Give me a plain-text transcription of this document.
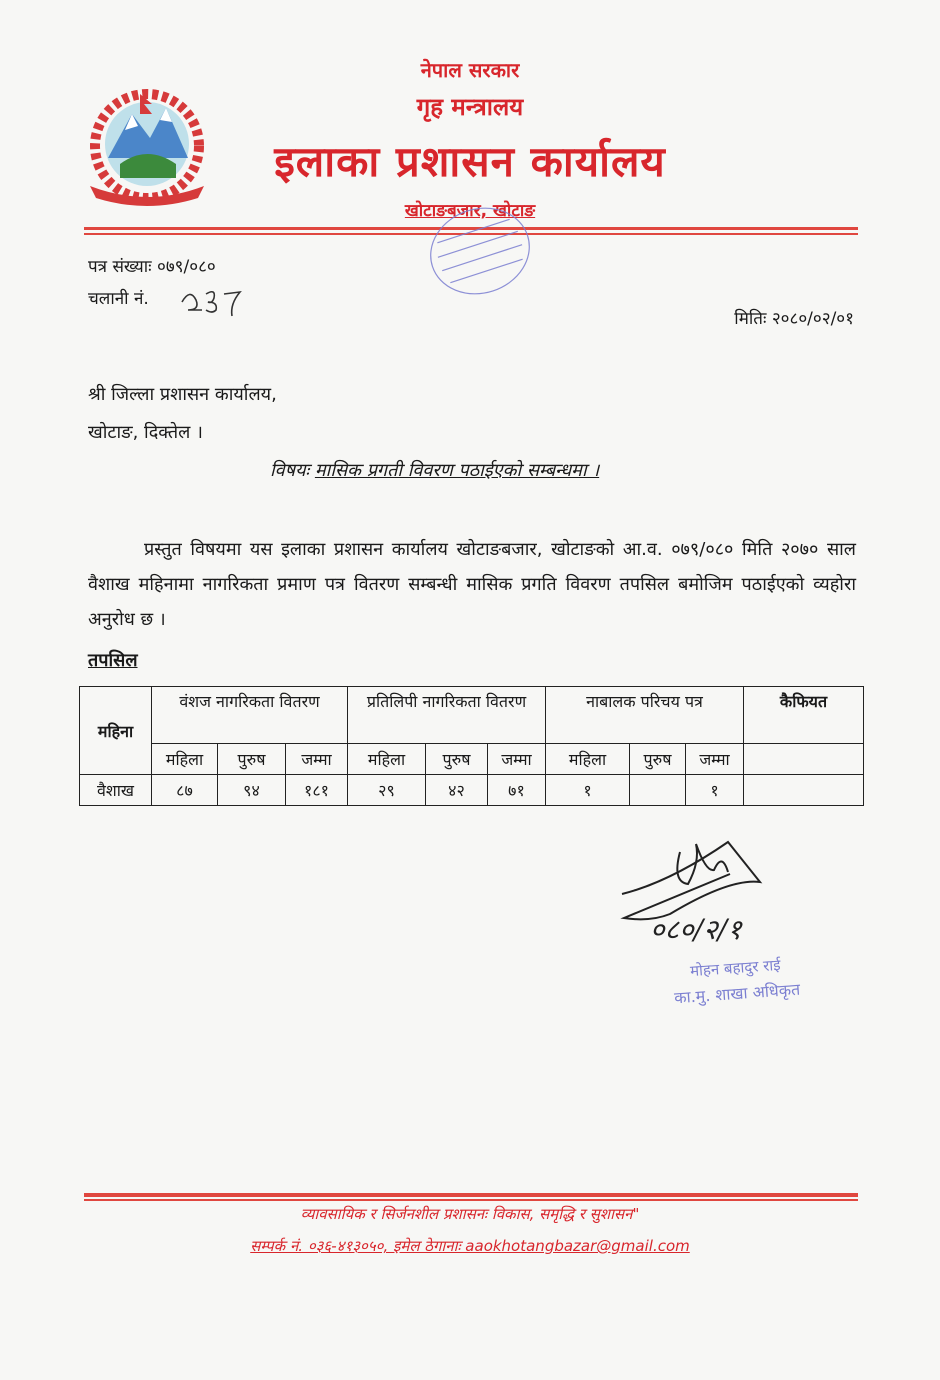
नेपाल सरकार
गृह मन्त्रालय
इलाका प्रशासन कार्यालय
खोटाङबजार, खोटाङ
पत्र संख्याः ०७९/०८०
चलानी नं.
मितिः २०८०/०२/०१
श्री जिल्ला प्रशासन कार्यालय,
खोटाङ, दिक्तेल ।
विषयः मासिक प्रगती विवरण पठाईएको सम्बन्धमा ।
प्रस्तुत विषयमा यस इलाका प्रशासन कार्यालय खोटाङबजार, खोटाङको आ.व. ०७९/०८० मिति २०७० साल वैशाख महिनामा नागरिकता प्रमाण पत्र वितरण सम्बन्धी मासिक प्रगति विवरण तपसिल बमोजिम पठाईएको व्यहोरा अनुरोध छ ।
तपसिल
महिना	वंशज नागरिकता वितरण			प्रतिलिपी नागरिकता वितरण			नाबालक परिचय पत्र			कैफियत
	महिला	पुरुष	जम्मा	महिला	पुरुष	जम्मा	महिला	पुरुष	जम्मा	
वैशाख	८७	९४	१८१	२९	४२	७१	१		१	
०८०/२/१
मोहन बहादुर राई
का.मु. शाखा अधिकृत
व्यावसायिक र सिर्जनशील प्रशासनः विकास, समृद्धि र सुशासन"
सम्पर्क नं. ०३६-४१३०५०, इमेल ठेगानाः aaokhotangbazar@gmail.com
